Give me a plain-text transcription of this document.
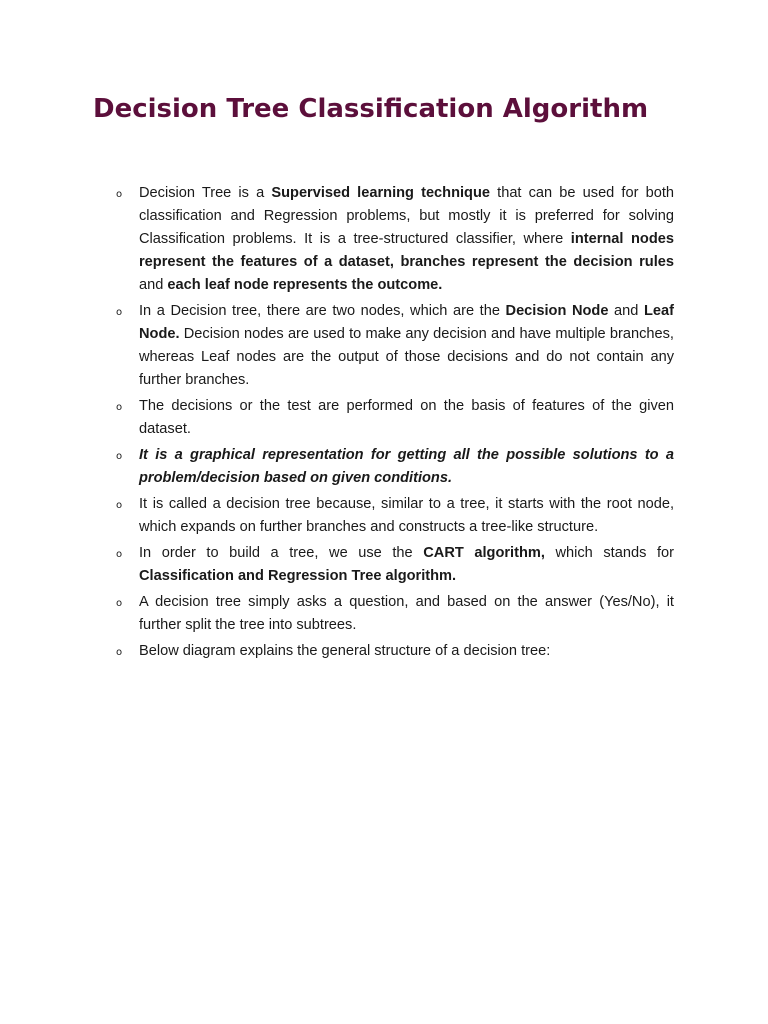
Decision Tree Classification Algorithm
o Decision Tree is a Supervised learning technique that can be used for both classification and Regression problems, but mostly it is preferred for solving Classification problems. It is a tree-structured classifier, where internal nodes represent the features of a dataset, branches represent the decision rules and each leaf node represents the outcome.
o In a Decision tree, there are two nodes, which are the Decision Node and Leaf Node. Decision nodes are used to make any decision and have multiple branches, whereas Leaf nodes are the output of those decisions and do not contain any further branches.
o The decisions or the test are performed on the basis of features of the given dataset.
o It is a graphical representation for getting all the possible solutions to a problem/decision based on given conditions.
o It is called a decision tree because, similar to a tree, it starts with the root node, which expands on further branches and constructs a tree-like structure.
o In order to build a tree, we use the CART algorithm, which stands for Classification and Regression Tree algorithm.
o A decision tree simply asks a question, and based on the answer (Yes/No), it further split the tree into subtrees.
o Below diagram explains the general structure of a decision tree:
